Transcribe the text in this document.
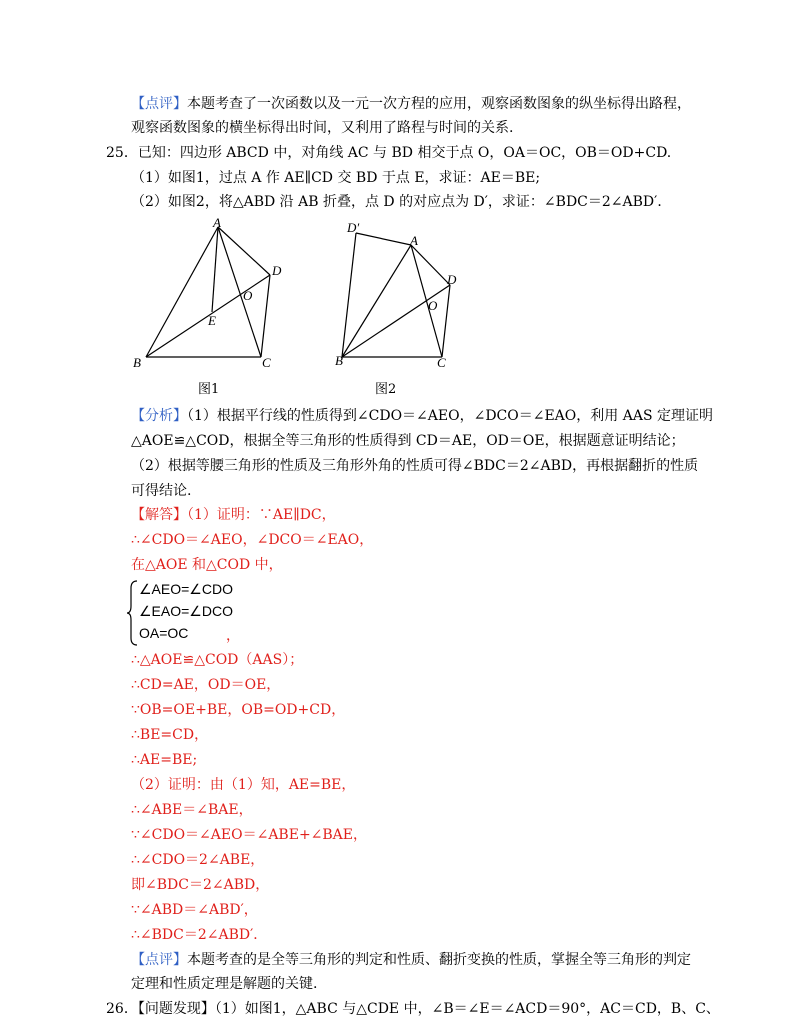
【点评】本题考查了一次函数以及一元一次方程的应用，观察函数图象的纵坐标得出路程，
观察函数图象的横坐标得出时间，又利用了路程与时间的关系.
25．已知：四边形 ABCD 中，对角线 AC 与 BD 相交于点 O，OA＝OC，OB＝OD+CD.
（1）如图1，过点 A 作 AE∥CD 交 BD 于点 E，求证：AE＝BE;
（2）如图2，将△ABD 沿 AB 折叠，点 D 的对应点为 D′，求证：∠BDC＝2∠ABD′．
A
B	C
D
E
O
图1
D′
A
B	C
D
O
图2
【分析】（1）根据平行线的性质得到∠CDO＝∠AEO，∠DCO＝∠EAO，利用 AAS 定理证明
△AOE≌△COD，根据全等三角形的性质得到 CD＝AE，OD＝OE，根据题意证明结论；
（2）根据等腰三角形的性质及三角形外角的性质可得∠BDC＝2∠ABD，再根据翻折的性质
可得结论.
【解答】（1）证明：∵AE∥DC，
∴∠CDO＝∠AEO，∠DCO＝∠EAO，
在△AOE 和△COD 中，
∠AEO=∠CDO
∠EAO=∠DCO
OA=OC	，
∴△AOE≌△COD（AAS）；
∴CD=AE，OD＝OE，
∵OB=OE+BE，OB=OD+CD，
∴BE=CD，
∴AE=BE;
（2）证明：由（1）知，AE=BE，
∴∠ABE＝∠BAE，
∵∠CDO＝∠AEO＝∠ABE+∠BAE，
∴∠CDO＝2∠ABE，
即∠BDC＝2∠ABD，
∵∠ABD＝∠ABD′，
∴∠BDC＝2∠ABD′．
【点评】本题考查的是全等三角形的判定和性质、翻折变换的性质，掌握全等三角形的判定
定理和性质定理是解题的关键.
26．【问题发现】（1）如图1，△ABC 与△CDE 中，∠B＝∠E＝∠ACD＝90°，AC＝CD，B、C、
